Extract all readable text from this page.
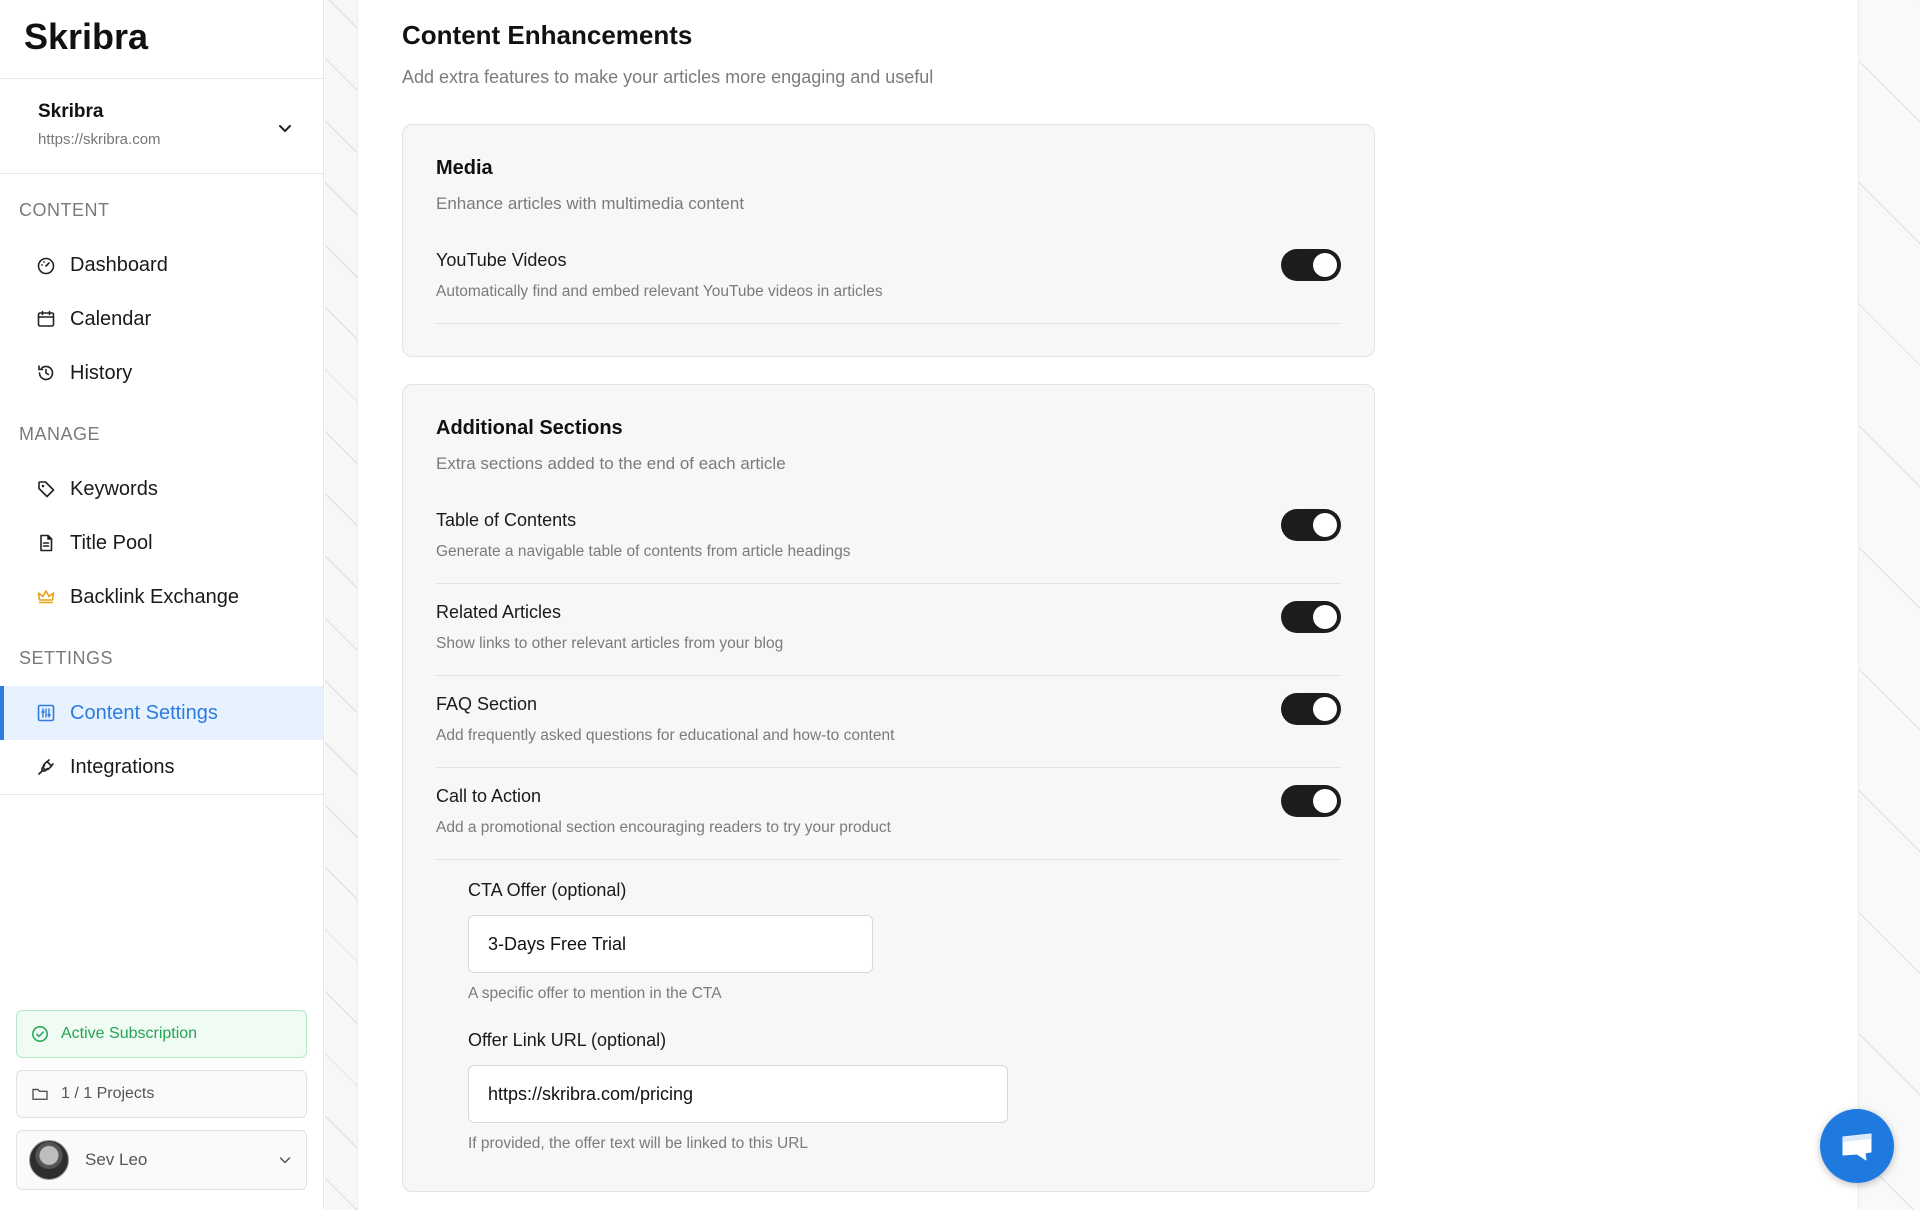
Skribra
Skribra
https://skribra.com
CONTENT
Dashboard
Calendar
History
MANAGE
Keywords
Title Pool
Backlink Exchange
SETTINGS
Content Settings
Integrations
Active Subscription
1 / 1 Projects
Sev Leo
Content Enhancements
Add extra features to make your articles more engaging and useful
Media
Enhance articles with multimedia content
YouTube Videos
Automatically find and embed relevant YouTube videos in articles
Additional Sections
Extra sections added to the end of each article
Table of Contents
Generate a navigable table of contents from article headings
Related Articles
Show links to other relevant articles from your blog
FAQ Section
Add frequently asked questions for educational and how-to content
Call to Action
Add a promotional section encouraging readers to try your product
CTA Offer (optional)
3-Days Free Trial
A specific offer to mention in the CTA
Offer Link URL (optional)
https://skribra.com/pricing
If provided, the offer text will be linked to this URL
